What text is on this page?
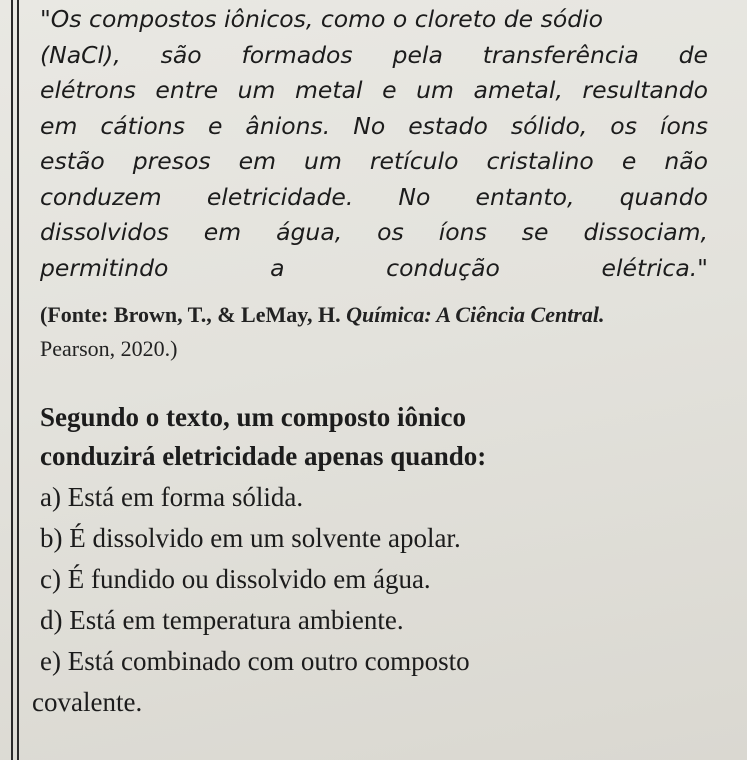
"Os compostos iônicos, como o cloreto de sódio
(NaCl), são formados pela transferência de
elétrons entre um metal e um ametal, resultando
em cátions e ânions. No estado sólido, os íons
estão presos em um retículo cristalino e não
conduzem eletricidade. No entanto, quando
dissolvidos em água, os íons se dissociam,
permitindo a condução elétrica."
(Fonte: Brown, T., & LeMay, H. Química: A Ciência Central.
Pearson, 2020.)
Segundo o texto, um composto iônico
conduzirá eletricidade apenas quando:
a) Está em forma sólida.
b) É dissolvido em um solvente apolar.
c) É fundido ou dissolvido em água.
d) Está em temperatura ambiente.
e) Está combinado com outro composto
covalente.
